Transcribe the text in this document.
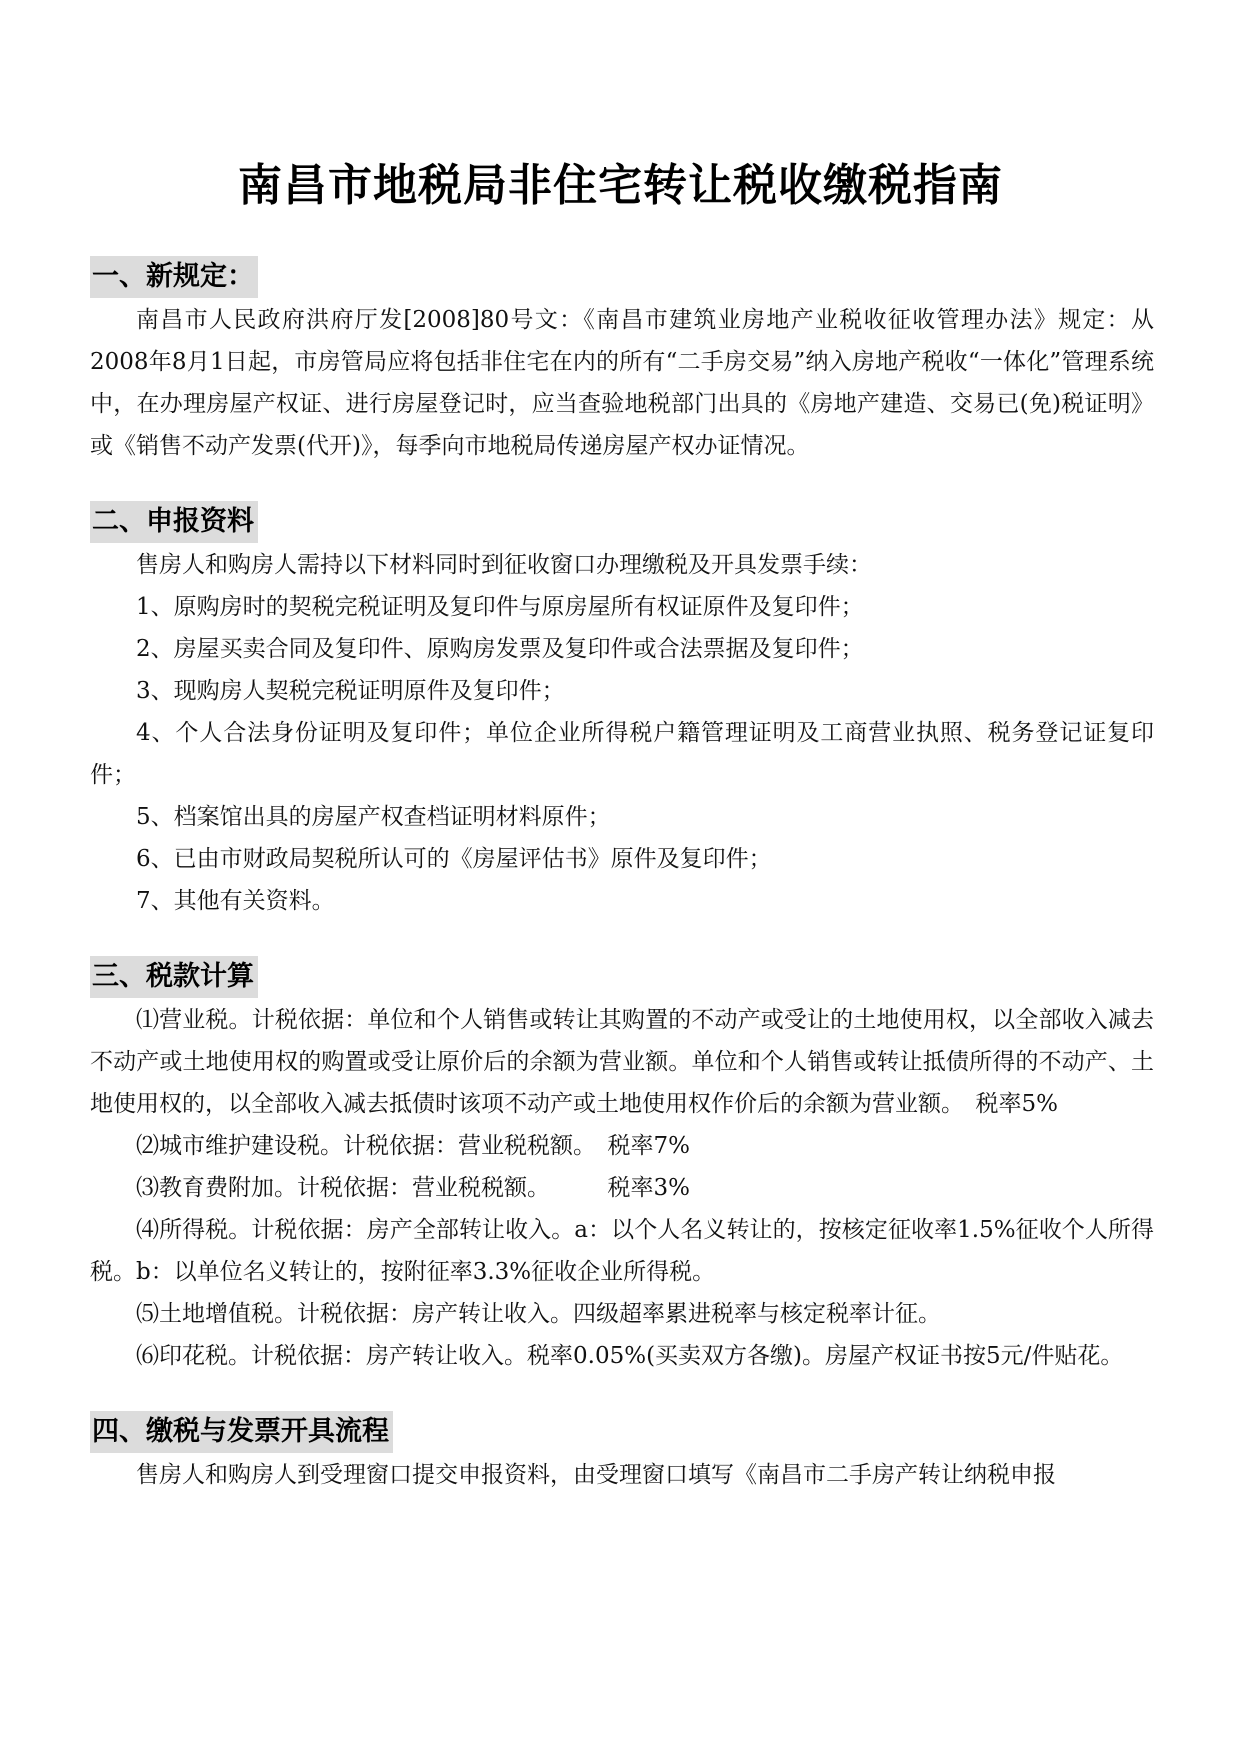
南昌市地税局非住宅转让税收缴税指南
一、新规定：

南昌市人民政府洪府厅发[2008]80号文：《南昌市建筑业房地产业税收征收管理办法》规定：从2008年8月1日起，市房管局应将包括非住宅在内的所有“二手房交易”纳入房地产税收“一体化”管理系统中，在办理房屋产权证、进行房屋登记时，应当查验地税部门出具的《房地产建造、交易已(免)税证明》或《销售不动产发票(代开)》，每季向市地税局传递房屋产权办证情况。

二、申报资料

售房人和购房人需持以下材料同时到征收窗口办理缴税及开具发票手续：

1、原购房时的契税完税证明及复印件与原房屋所有权证原件及复印件；

2、房屋买卖合同及复印件、原购房发票及复印件或合法票据及复印件；

3、现购房人契税完税证明原件及复印件；

4、个人合法身份证明及复印件；单位企业所得税户籍管理证明及工商营业执照、税务登记证复印件；

5、档案馆出具的房屋产权查档证明材料原件；

6、已由市财政局契税所认可的《房屋评估书》原件及复印件；

7、其他有关资料。

三、税款计算

⑴营业税。计税依据：单位和个人销售或转让其购置的不动产或受让的土地使用权，以全部收入减去不动产或土地使用权的购置或受让原价后的余额为营业额。单位和个人销售或转让抵债所得的不动产、土地使用权的，以全部收入减去抵债时该项不动产或土地使用权作价后的余额为营业额。　税率5%

⑵城市维护建设税。计税依据：营业税税额。　税率7%

⑶教育费附加。计税依据：营业税税额。　　　税率3%

⑷所得税。计税依据：房产全部转让收入。a：以个人名义转让的，按核定征收率1.5%征收个人所得税。b：以单位名义转让的，按附征率3.3%征收企业所得税。

⑸土地增值税。计税依据：房产转让收入。四级超率累进税率与核定税率计征。

⑹印花税。计税依据：房产转让收入。税率0.05%(买卖双方各缴)。房屋产权证书按5元/件贴花。

四、缴税与发票开具流程

售房人和购房人到受理窗口提交申报资料，由受理窗口填写《南昌市二手房产转让纳税申报
